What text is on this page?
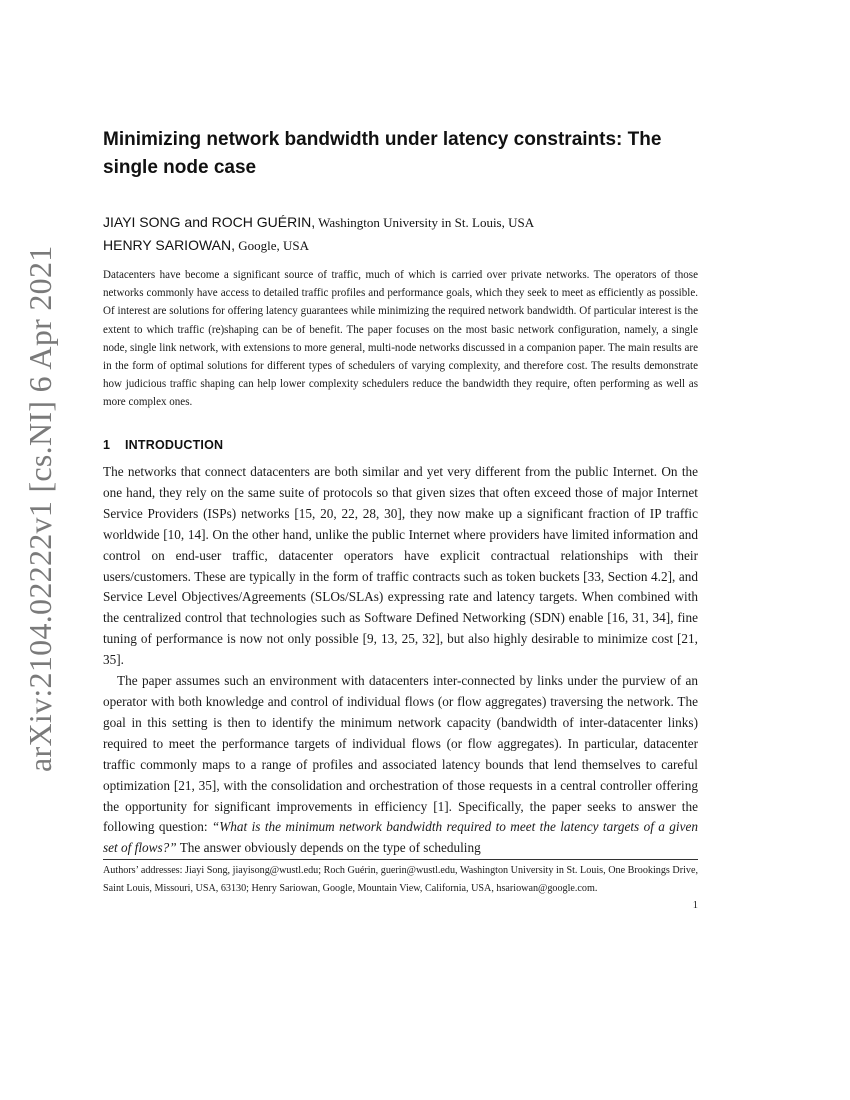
arXiv:2104.02222v1 [cs.NI] 6 Apr 2021
Minimizing network bandwidth under latency constraints: The single node case
JIAYI SONG and ROCH GUÉRIN, Washington University in St. Louis, USA
HENRY SARIOWAN, Google, USA
Datacenters have become a significant source of traffic, much of which is carried over private networks. The operators of those networks commonly have access to detailed traffic profiles and performance goals, which they seek to meet as efficiently as possible. Of interest are solutions for offering latency guarantees while minimizing the required network bandwidth. Of particular interest is the extent to which traffic (re)shaping can be of benefit. The paper focuses on the most basic network configuration, namely, a single node, single link network, with extensions to more general, multi-node networks discussed in a companion paper. The main results are in the form of optimal solutions for different types of schedulers of varying complexity, and therefore cost. The results demonstrate how judicious traffic shaping can help lower complexity schedulers reduce the bandwidth they require, often performing as well as more complex ones.
1 INTRODUCTION

The networks that connect datacenters are both similar and yet very different from the public Internet. On the one hand, they rely on the same suite of protocols so that given sizes that often exceed those of major Internet Service Providers (ISPs) networks [15, 20, 22, 28, 30], they now make up a significant fraction of IP traffic worldwide [10, 14]. On the other hand, unlike the public Internet where providers have limited information and control on end-user traffic, datacenter operators have explicit contractual relationships with their users/customers. These are typically in the form of traffic contracts such as token buckets [33, Section 4.2], and Service Level Objectives/Agreements (SLOs/SLAs) expressing rate and latency targets. When combined with the centralized control that technologies such as Software Defined Networking (SDN) enable [16, 31, 34], fine tuning of performance is now not only possible [9, 13, 25, 32], but also highly desirable to minimize cost [21, 35].

The paper assumes such an environment with datacenters inter-connected by links under the purview of an operator with both knowledge and control of individual flows (or flow aggregates) traversing the network. The goal in this setting is then to identify the minimum network capacity (bandwidth of inter-datacenter links) required to meet the performance targets of individual flows (or flow aggregates). In particular, datacenter traffic commonly maps to a range of profiles and associated latency bounds that lend themselves to careful optimization [21, 35], with the consolidation and orchestration of those requests in a central controller offering the opportunity for significant improvements in efficiency [1]. Specifically, the paper seeks to answer the following question: “What is the minimum network bandwidth required to meet the latency targets of a given set of flows?” The answer obviously depends on the type of scheduling

Authors’ addresses: Jiayi Song, jiayisong@wustl.edu; Roch Guérin, guerin@wustl.edu, Washington University in St. Louis, One Brookings Drive, Saint Louis, Missouri, USA, 63130; Henry Sariowan, Google, Mountain View, California, USA, hsariowan@google.com.
1
